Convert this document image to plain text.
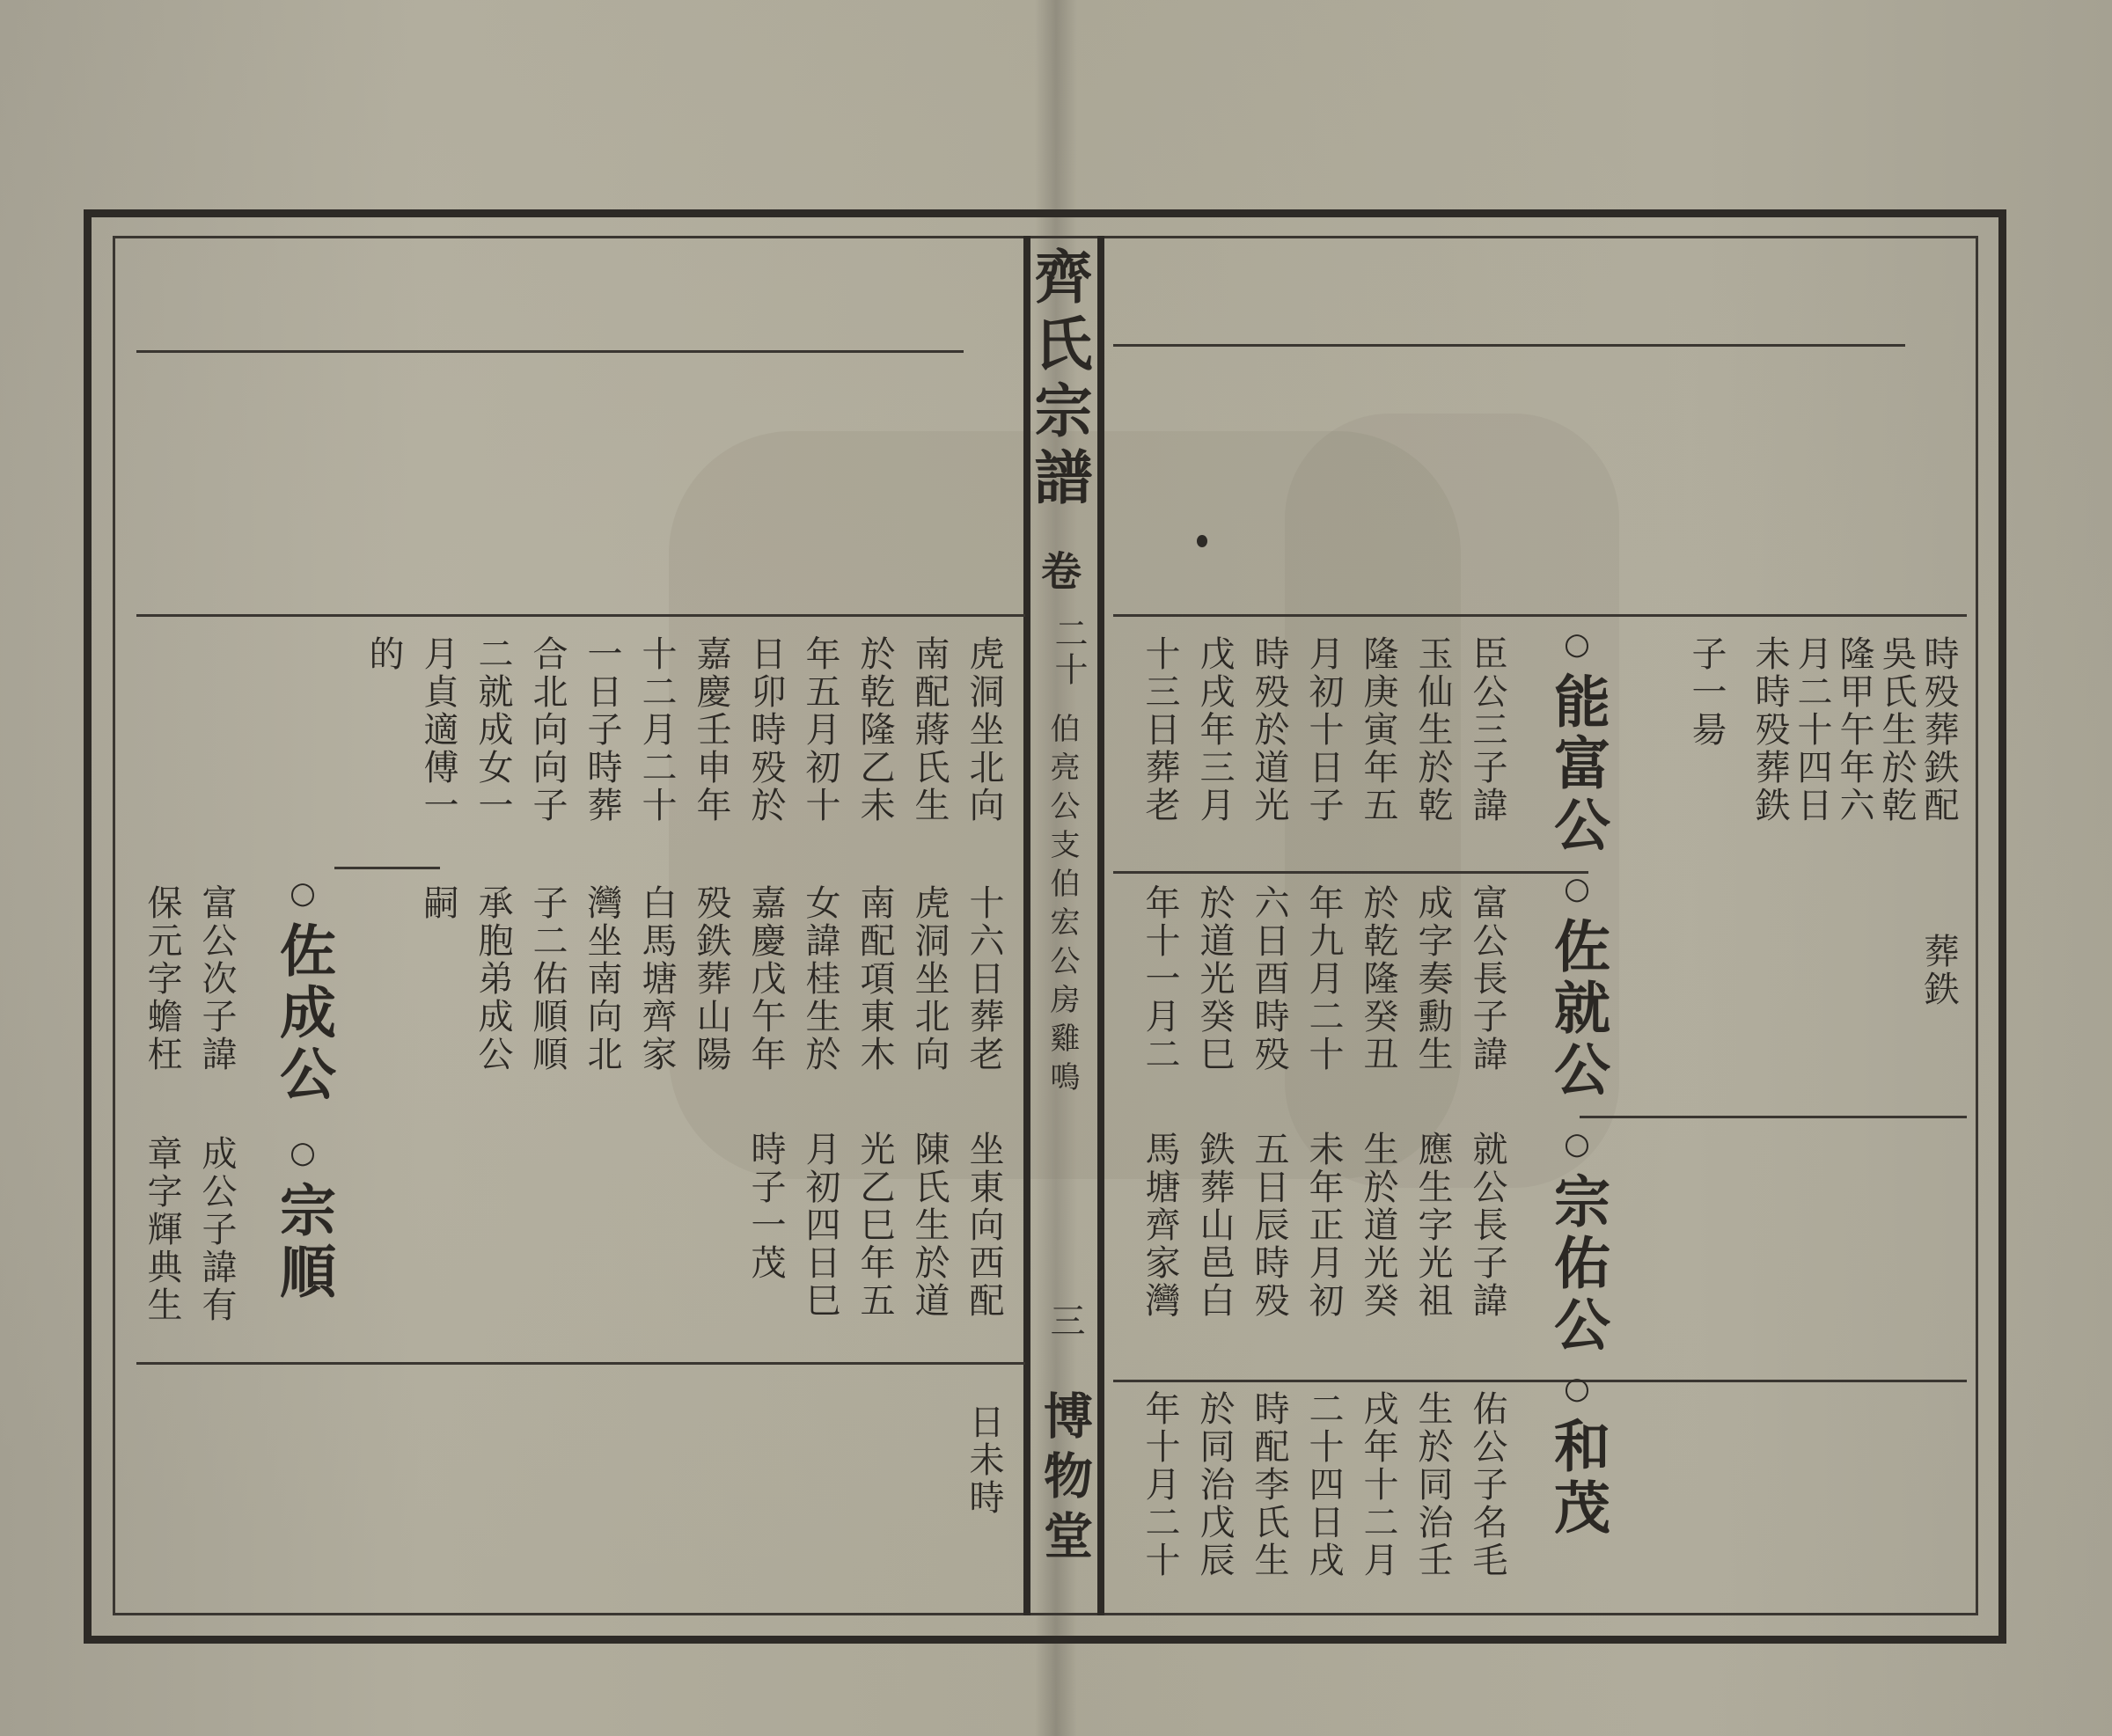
齊氏宗譜
卷
二十
伯亮公支伯宏公房雞鳴
三
博物堂
時殁葬鉄配
吳氏生於乾
隆甲午年六
月二十四日
未時殁葬鉄
子一昜
葬鉄
○能富公
○佐就公
○宗佑公
○和茂
臣公三子諱
玉仙生於乾
隆庚寅年五
月初十日子
時殁於道光
戊戌年三月
十三日葬老
富公長子諱
成字奏勳生
於乾隆癸丑
年九月二十
六日酉時殁
於道光癸巳
年十一月二
就公長子諱
應生字光祖
生於道光癸
未年正月初
五日辰時殁
鉄葬山邑白
馬塘齊家灣
佑公子名毛
生於同治壬
戌年十二月
二十四日戌
時配李氏生
於同治戊辰
年十月二十
虎洞坐北向
南配蔣氏生
於乾隆乙未
年五月初十
日卯時殁於
嘉慶壬申年
十二月二十
一日子時葬
合北向向子
二就成女一
月貞適傅一
的
十六日葬老
虎洞坐北向
南配項東木
女諱桂生於
嘉慶戊午年
殁鉄葬山陽
白馬塘齊家
灣坐南向北
子二佑順順
承胞弟成公
嗣
坐東向西配
陳氏生於道
光乙巳年五
月初四日巳
時子一茂
日未時
○佐成公
○宗順
富公次子諱
保元字蟾枉
成公子諱有
章字輝典生
